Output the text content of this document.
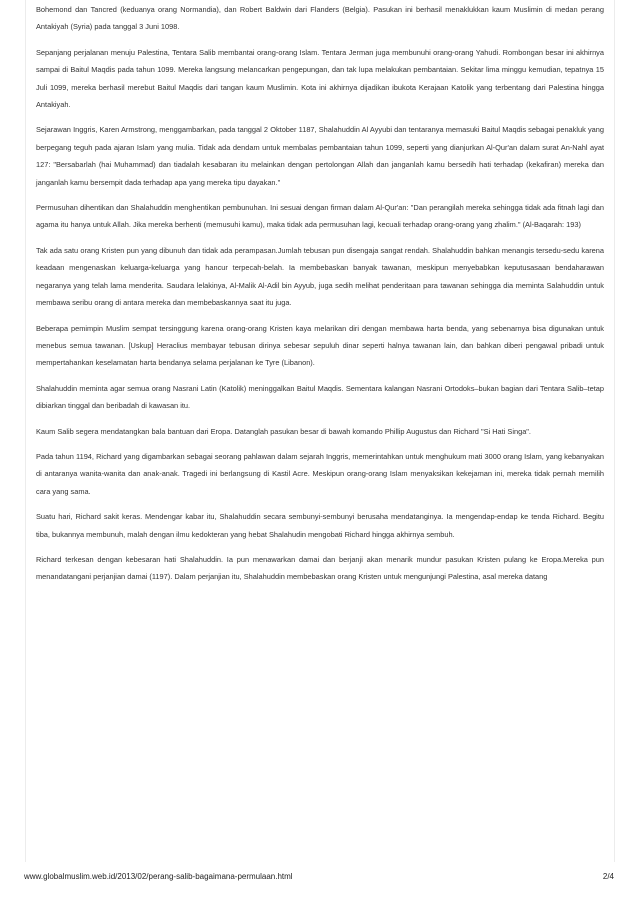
Bohemond dan Tancred (keduanya orang Normandia), dan Robert Baldwin dari Flanders (Belgia). Pasukan ini berhasil menaklukkan kaum Muslimin di medan perang Antakiyah (Syria) pada tanggal 3 Juni 1098.

Sepanjang perjalanan menuju Palestina, Tentara Salib membantai orang-orang Islam. Tentara Jerman juga membunuhi orang-orang Yahudi. Rombongan besar ini akhirnya sampai di Baitul Maqdis pada tahun 1099. Mereka langsung melancarkan pengepungan, dan tak lupa melakukan pembantaian. Sekitar lima minggu kemudian, tepatnya 15 Juli 1099, mereka berhasil merebut Baitul Maqdis dari tangan kaum Muslimin. Kota ini akhirnya dijadikan ibukota Kerajaan Katolik yang terbentang dari Palestina hingga Antakiyah.

Sejarawan Inggris, Karen Armstrong, menggambarkan, pada tanggal 2 Oktober 1187, Shalahuddin Al Ayyubi dan tentaranya memasuki Baitul Maqdis sebagai penakluk yang berpegang teguh pada ajaran Islam yang mulia. Tidak ada dendam untuk membalas pembantaian tahun 1099, seperti yang dianjurkan Al-Qur'an dalam surat An-Nahl ayat 127: "Bersabarlah (hai Muhammad) dan tiadalah kesabaran itu melainkan dengan pertolongan Allah dan janganlah kamu bersedih hati terhadap (kekafiran) mereka dan janganlah kamu bersempit dada terhadap apa yang mereka tipu dayakan."

Permusuhan dihentikan dan Shalahuddin menghentikan pembunuhan. Ini sesuai dengan firman dalam Al-Qur'an: "Dan perangilah mereka sehingga tidak ada fitnah lagi dan agama itu hanya untuk Allah. Jika mereka berhenti (memusuhi kamu), maka tidak ada permusuhan lagi, kecuali terhadap orang-orang yang zhalim." (Al-Baqarah: 193)

Tak ada satu orang Kristen pun yang dibunuh dan tidak ada perampasan.Jumlah tebusan pun disengaja sangat rendah. Shalahuddin bahkan menangis tersedu-sedu karena keadaan mengenaskan keluarga-keluarga yang hancur terpecah-belah. Ia membebaskan banyak tawanan, meskipun menyebabkan keputusasaan bendaharawan negaranya yang telah lama menderita. Saudara lelakinya, Al-Malik Al-Adil bin Ayyub, juga sedih melihat penderitaan para tawanan sehingga dia meminta Salahuddin untuk membawa seribu orang di antara mereka dan membebaskannya saat itu juga.

Beberapa pemimpin Muslim sempat tersinggung karena orang-orang Kristen kaya melarikan diri dengan membawa harta benda, yang sebenarnya bisa digunakan untuk menebus semua tawanan. [Uskup] Heraclius membayar tebusan dirinya sebesar sepuluh dinar seperti halnya tawanan lain, dan bahkan diberi pengawal pribadi untuk mempertahankan keselamatan harta bendanya selama perjalanan ke Tyre (Libanon).

Shalahuddin meminta agar semua orang Nasrani Latin (Katolik) meninggalkan Baitul Maqdis. Sementara kalangan Nasrani Ortodoks–bukan bagian dari Tentara Salib–tetap dibiarkan tinggal dan beribadah di kawasan itu.

Kaum Salib segera mendatangkan bala bantuan dari Eropa. Datanglah pasukan besar di bawah komando Phillip Augustus dan Richard "Si Hati Singa".

Pada tahun 1194, Richard yang digambarkan sebagai seorang pahlawan dalam sejarah Inggris, memerintahkan untuk menghukum mati 3000 orang Islam, yang kebanyakan di antaranya wanita-wanita dan anak-anak. Tragedi ini berlangsung di Kastil Acre. Meskipun orang-orang Islam menyaksikan kekejaman ini, mereka tidak pernah memilih cara yang sama.

Suatu hari, Richard sakit keras. Mendengar kabar itu, Shalahuddin secara sembunyi-sembunyi berusaha mendatanginya. Ia mengendap-endap ke tenda Richard. Begitu tiba, bukannya membunuh, malah dengan ilmu kedokteran yang hebat Shalahudin mengobati Richard hingga akhirnya sembuh.

Richard terkesan dengan kebesaran hati Shalahuddin. Ia pun menawarkan damai dan berjanji akan menarik mundur pasukan Kristen pulang ke Eropa.Mereka pun menandatangani perjanjian damai (1197). Dalam perjanjian itu, Shalahuddin membebaskan orang Kristen untuk mengunjungi Palestina, asal mereka datang

www.globalmuslim.web.id/2013/02/perang-salib-bagaimana-permulaan.html	2/4
